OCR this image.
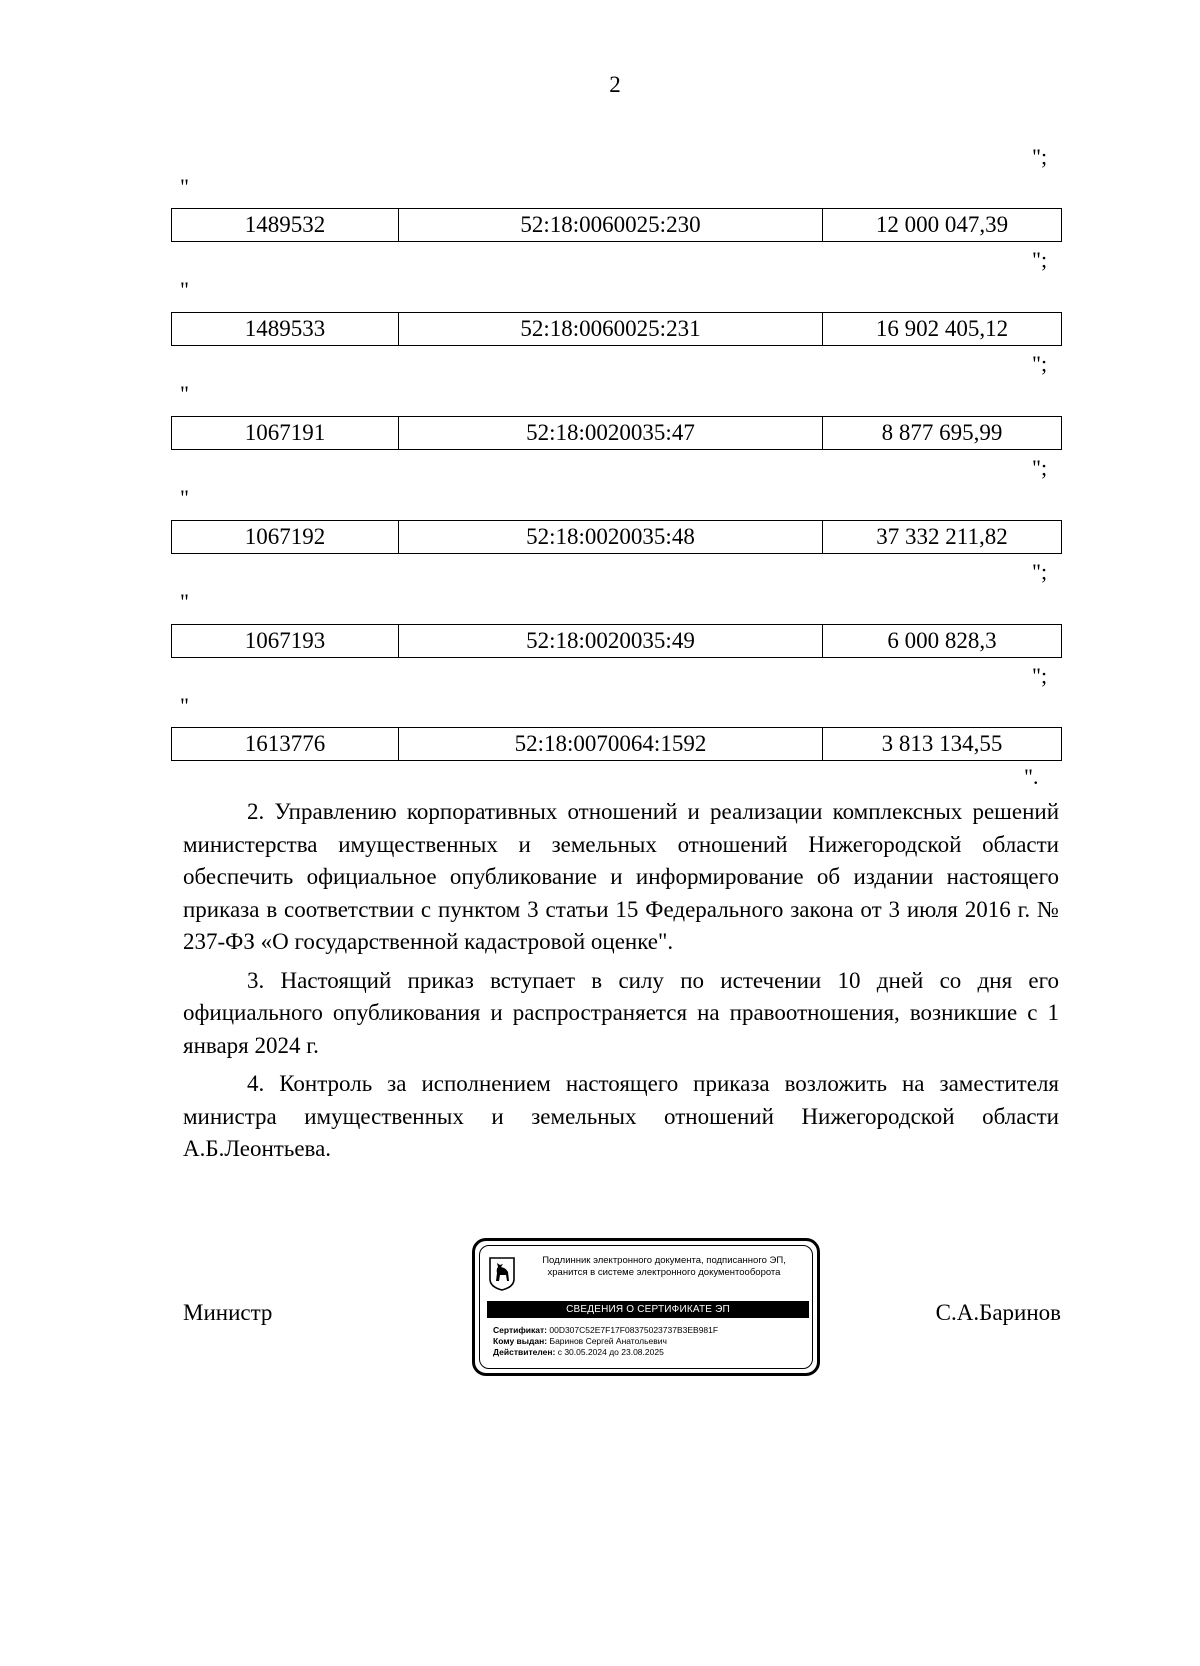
2
";
"
1489532	52:18:0060025:230	12 000 047,39
";
"
1489533	52:18:0060025:231	16 902 405,12
";
"
1067191	52:18:0020035:47	8 877 695,99
";
"
1067192	52:18:0020035:48	37 332 211,82
";
"
1067193	52:18:0020035:49	6 000 828,3
";
"
1613776	52:18:0070064:1592	3 813 134,55
".

2. Управлению корпоративных отношений и реализации комплексных решений министерства имущественных и земельных отношений Нижегородской области обеспечить официальное опубликование и информирование об издании настоящего приказа в соответствии с пунктом 3 статьи 15 Федерального закона от 3 июля 2016 г. № 237-ФЗ «О государственной кадастровой оценке".

3. Настоящий приказ вступает в силу по истечении 10 дней со дня его официального опубликования и распространяется на правоотношения, возникшие с 1 января 2024 г.

4. Контроль за исполнением настоящего приказа возложить на заместителя министра имущественных и земельных отношений Нижегородской области А.Б.Леонтьева.

Министр	С.А.Баринов
Подлинник электронного документа, подписанного ЭП,
хранится в системе электронного документооборота
СВЕДЕНИЯ О СЕРТИФИКАТЕ ЭП
Сертификат: 00D307C52E7F17F08375023737B3EB981F
Кому выдан: Баринов Сергей Анатольевич
Действителен: с 30.05.2024 до 23.08.2025
